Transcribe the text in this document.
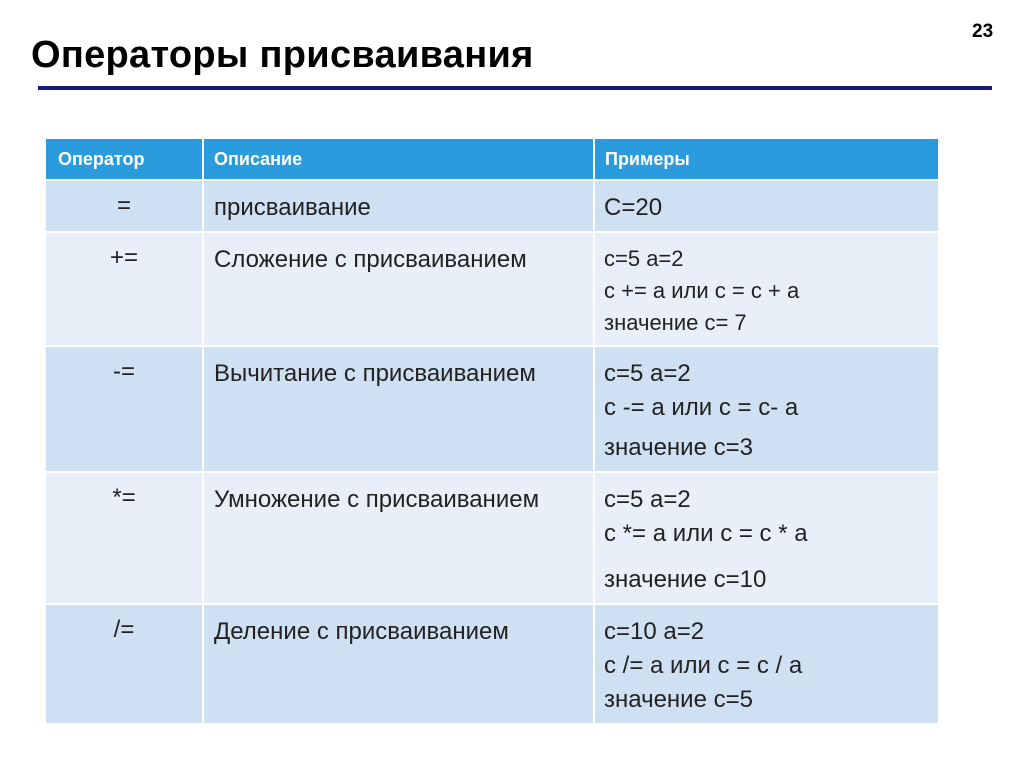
23
Операторы присваивания
Оператор	Описание	Примеры
=	присваивание	C=20

+=	Сложение с присваиванием	c=5 a=2
c += a или c = c + a
значение c= 7

-=	Вычитание с присваиванием	c=5 a=2
c -= a или c = c- a
значение c=3

*=	Умножение с присваиванием	c=5 a=2
c *= a или c = c * a
значение c=10

/=	Деление с присваиванием	c=10 a=2
c /= a или c = c / a
значение c=5
